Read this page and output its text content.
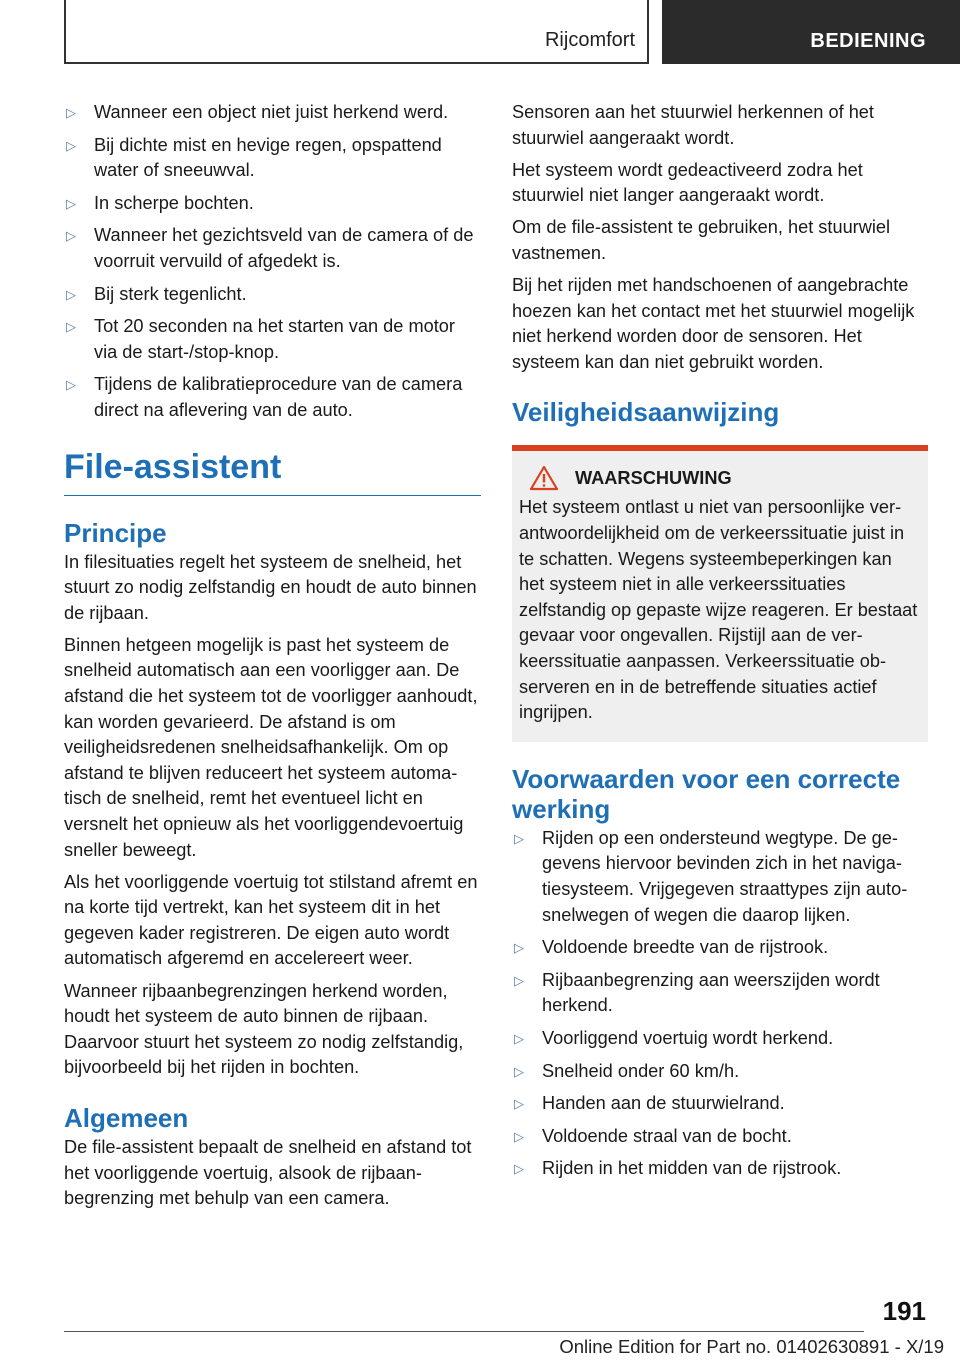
Rijcomfort	BEDIENING
▷ Wanneer een object niet juist herkend werd.
▷ Bij dichte mist en hevige regen, opspattend water of sneeuwval.
▷ In scherpe bochten.
▷ Wanneer het gezichtsveld van de camera of de voorruit vervuild of afgedekt is.
▷ Bij sterk tegenlicht.
▷ Tot 20 seconden na het starten van de motor via de start-/stop-knop.
▷ Tijdens de kalibratieprocedure van de camera direct na aflevering van de auto.
File-assistent
Principe

In filesituaties regelt het systeem de snelheid, het stuurt zo nodig zelfstandig en houdt de auto binnen de rijbaan.

Binnen hetgeen mogelijk is past het systeem de snelheid automatisch aan een voorligger aan. De afstand die het systeem tot de voorligger aanhoudt, kan worden gevarieerd. De afstand is om veiligheidsredenen snelheidsafhankelijk. Om op afstand te blijven reduceert het systeem automatisch de snelheid, remt het eventueel licht en versnelt het opnieuw als het voorliggendevoertuig sneller beweegt.

Als het voorliggende voertuig tot stilstand afremt en na korte tijd vertrekt, kan het systeem dit in het gegeven kader registreren. De eigen auto wordt automatisch afgeremd en accelereert weer.

Wanneer rijbaanbegrenzingen herkend worden, houdt het systeem de auto binnen de rijbaan. Daarvoor stuurt het systeem zo nodig zelfstandig, bijvoorbeeld bij het rijden in bochten.

Algemeen

De file-assistent bepaalt de snelheid en afstand tot het voorliggende voertuig, alsook de rijbaanbegrenzing met behulp van een camera.

Sensoren aan het stuurwiel herkennen of het stuurwiel aangeraakt wordt.

Het systeem wordt gedeactiveerd zodra het stuurwiel niet langer aangeraakt wordt.

Om de file-assistent te gebruiken, het stuurwiel vastnemen.

Bij het rijden met handschoenen of aangebrachte hoezen kan het contact met het stuurwiel mogelijk niet herkend worden door de sensoren. Het systeem kan dan niet gebruikt worden.

Veiligheidsaanwijzing
WAARSCHUWING
Het systeem ontlast u niet van persoonlijke verantwoordelijkheid om de verkeerssituatie juist in te schatten. Wegens systeembeperkingen kan het systeem niet in alle verkeerssituaties zelfstandig op gepaste wijze reageren. Er bestaat gevaar voor ongevallen. Rijstijl aan de verkeerssituatie aanpassen. Verkeerssituatie observeren en in de betreffende situaties actief ingrijpen.
Voorwaarden voor een correcte werking
▷ Rijden op een ondersteund wegtype. De gegevens hiervoor bevinden zich in het navigatiesysteem. Vrijgegeven straattypes zijn autosnelwegen of wegen die daarop lijken.
▷ Voldoende breedte van de rijstrook.
▷ Rijbaanbegrenzing aan weerszijden wordt herkend.
▷ Voorliggend voertuig wordt herkend.
▷ Snelheid onder 60 km/h.
▷ Handen aan de stuurwielrand.
▷ Voldoende straal van de bocht.
▷ Rijden in het midden van de rijstrook.
191
Online Edition for Part no. 01402630891 - X/19
